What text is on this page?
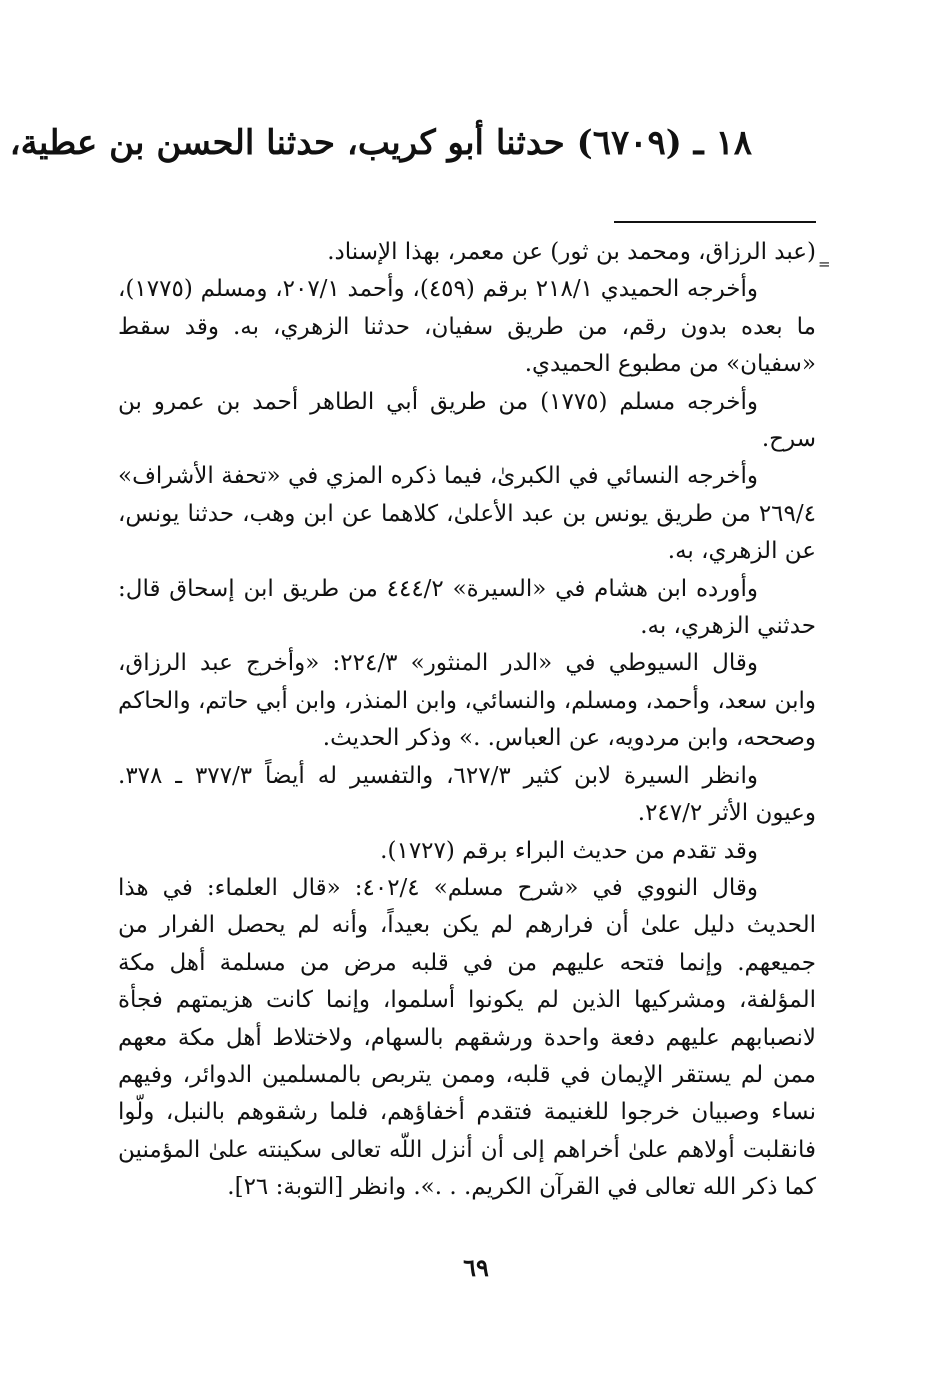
١٨ ـ (٦٧٠٩) حدثنا أبو كريب، حدثنا الحسن بن عطية،
=

(عبد الرزاق، ومحمد بن ثور) عن معمر، بهذا الإسناد.

وأخرجه الحميدي ٢١٨/١ برقم (٤٥٩)، وأحمد ٢٠٧/١، ومسلم (١٧٧٥)، ما بعده بدون رقم، من طريق سفيان، حدثنا الزهري، به. وقد سقط «سفيان» من مطبوع الحميدي.

وأخرجه مسلم (١٧٧٥) من طريق أبي الطاهر أحمد بن عمرو بن سرح.

وأخرجه النسائي في الكبرىٰ، فيما ذكره المزي في «تحفة الأشراف» ٢٦٩/٤ من طريق يونس بن عبد الأعلىٰ، كلاهما عن ابن وهب، حدثنا يونس، عن الزهري، به.

وأورده ابن هشام في «السيرة» ٤٤٤/٢ من طريق ابن إسحاق قال: حدثني الزهري، به.

وقال السيوطي في «الدر المنثور» ٢٢٤/٣: «وأخرج عبد الرزاق، وابن سعد، وأحمد، ومسلم، والنسائي، وابن المنذر، وابن أبي حاتم، والحاكم وصححه، وابن مردويه، عن العباس. .» وذكر الحديث.

وانظر السيرة لابن كثير ٦٢٧/٣، والتفسير له أيضاً ٣٧٧/٣ ـ ٣٧٨. وعيون الأثر ٢٤٧/٢.

وقد تقدم من حديث البراء برقم (١٧٢٧).

وقال النووي في «شرح مسلم» ٤٠٢/٤: «قال العلماء: في هذا الحديث دليل علىٰ أن فرارهم لم يكن بعيداً، وأنه لم يحصل الفرار من جميعهم. وإنما فتحه عليهم من في قلبه مرض من مسلمة أهل مكة المؤلفة، ومشركيها الذين لم يكونوا أسلموا، وإنما كانت هزيمتهم فجأة لانصبابهم عليهم دفعة واحدة ورشقهم بالسهام، ولاختلاط أهل مكة معهم ممن لم يستقر الإيمان في قلبه، وممن يتربص بالمسلمين الدوائر، وفيهم نساء وصبيان خرجوا للغنيمة فتقدم أخفاؤهم، فلما رشقوهم بالنبل، ولّوا فانقلبت أولاهم علىٰ أخراهم إلى أن أنزل اللّه تعالى سكينته علىٰ المؤمنين كما ذكر الله تعالى في القرآن الكريم. . .». وانظر [التوبة: ٢٦].

٦٩
